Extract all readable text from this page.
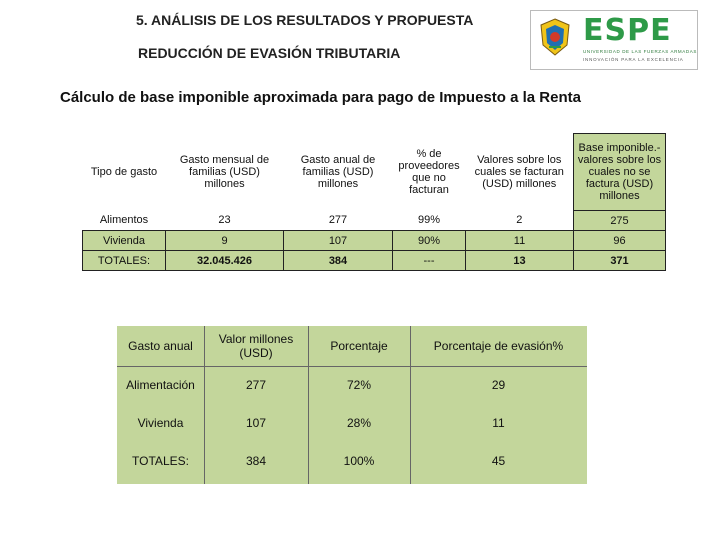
5. ANÁLISIS DE LOS RESULTADOS Y PROPUESTA
REDUCCIÓN DE EVASIÓN TRIBUTARIA
Cálculo de base imponible aproximada para pago de Impuesto a la Renta
ESPE
UNIVERSIDAD DE LAS FUERZAS ARMADAS
INNOVACIÓN PARA LA EXCELENCIA
Tipo de gasto	Gasto mensual de familias (USD) millones	Gasto anual de familias (USD) millones	% de proveedores que no facturan	Valores sobre los cuales se facturan (USD) millones	Base imponible.- valores sobre los cuales no se factura (USD) millones
Alimentos	23	277	99%	2	275
Vivienda	9	107	90%	11	96
TOTALES:	32.045.426	384	---	13	371
Gasto anual	Valor millones (USD)	Porcentaje	Porcentaje de evasión%
Alimentación	277	72%	29
Vivienda	107	28%	11
TOTALES:	384	100%	45
